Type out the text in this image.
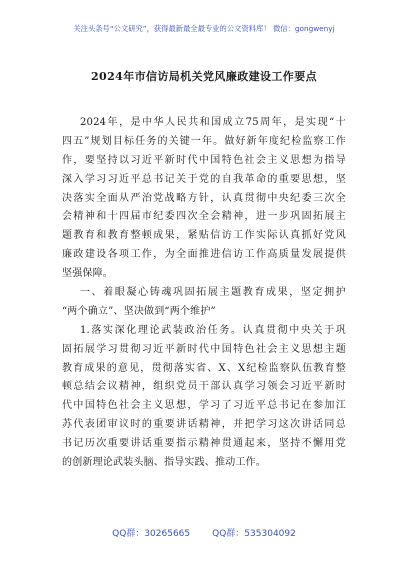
关注头条号“公文研究”，获得最新最全最专业的公文资料库！ 微信：gongwenyj
2024年市信访局机关党风廉政建设工作要点
2024年，是中华人民共和国成立75周年，是实现“十
四五”规划目标任务的关键一年。做好新年度纪检监察工作
作，要坚持以习近平新时代中国特色社会主义思想为指导
深入学习习近平总书记关于党的自我革命的重要思想，坚
决落实全面从严治党战略方针，认真贯彻中央纪委三次全
会精神和十四届市纪委四次全会精神，进一步巩固拓展主
题教育和教育整顿成果，紧贴信访工作实际认真抓好党风
廉政建设各项工作，为全面推进信访工作高质量发展提供
坚强保障。
一、着眼凝心铸魂巩固拓展主题教育成果，坚定拥护
“两个确立”、坚决做到“两个维护”
1.落实深化理论武装政治任务。认真贯彻中央关于巩
固拓展学习贯彻习近平新时代中国特色社会主义思想主题
教育成果的意见，贯彻落实省、X、X纪检监察队伍教育整
顿总结会议精神，组织党员干部认真学习领会习近平新时
代中国特色社会主义思想，学习了习近平总书记在参加江
苏代表团审议时的重要讲话精神，并把学习这次讲话同总
书记历次重要讲话重要指示精神贯通起来，坚持不懈用党
的创新理论武装头脑、指导实践、推动工作。
QQ群：30265665 QQ群：535304092
